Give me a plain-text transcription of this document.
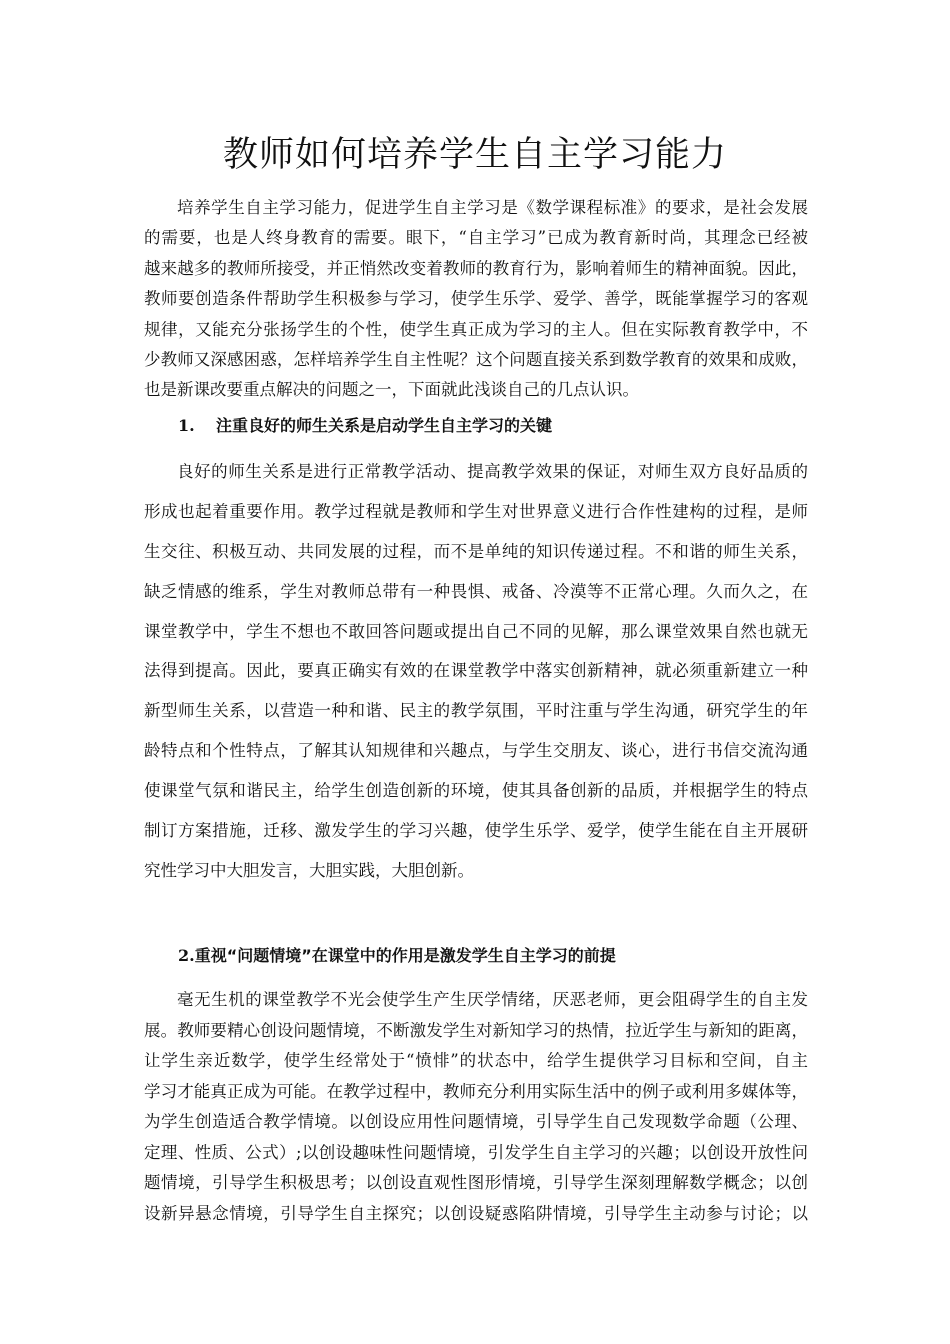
教师如何培养学生自主学习能力
培养学生自主学习能力，促进学生自主学习是《数学课程标准》的要求，是社会发展
的需要，也是人终身教育的需要。眼下，“自主学习”已成为教育新时尚，其理念已经被
越来越多的教师所接受，并正悄然改变着教师的教育行为，影响着师生的精神面貌。因此，
教师要创造条件帮助学生积极参与学习，使学生乐学、爱学、善学，既能掌握学习的客观
规律，又能充分张扬学生的个性，使学生真正成为学习的主人。但在实际教育教学中，不
少教师又深感困惑，怎样培养学生自主性呢？这个问题直接关系到数学教育的效果和成败，
也是新课改要重点解决的问题之一，下面就此浅谈自己的几点认识。
1. 注重良好的师生关系是启动学生自主学习的关键
良好的师生关系是进行正常教学活动、提高教学效果的保证，对师生双方良好品质的
形成也起着重要作用。教学过程就是教师和学生对世界意义进行合作性建构的过程，是师
生交往、积极互动、共同发展的过程，而不是单纯的知识传递过程。不和谐的师生关系，
缺乏情感的维系，学生对教师总带有一种畏惧、戒备、冷漠等不正常心理。久而久之，在
课堂教学中，学生不想也不敢回答问题或提出自己不同的见解，那么课堂效果自然也就无
法得到提高。因此，要真正确实有效的在课堂教学中落实创新精神，就必须重新建立一种
新型师生关系，以营造一种和谐、民主的教学氛围，平时注重与学生沟通，研究学生的年
龄特点和个性特点，了解其认知规律和兴趣点，与学生交朋友、谈心，进行书信交流沟通
使课堂气氛和谐民主，给学生创造创新的环境，使其具备创新的品质，并根据学生的特点
制订方案措施，迁移、激发学生的学习兴趣，使学生乐学、爱学，使学生能在自主开展研
究性学习中大胆发言，大胆实践，大胆创新。
2.重视“问题情境”在课堂中的作用是激发学生自主学习的前提
毫无生机的课堂教学不光会使学生产生厌学情绪，厌恶老师，更会阻碍学生的自主发
展。教师要精心创设问题情境，不断激发学生对新知学习的热情，拉近学生与新知的距离，
让学生亲近数学，使学生经常处于“愤悱”的状态中，给学生提供学习目标和空间，自主
学习才能真正成为可能。在教学过程中，教师充分利用实际生活中的例子或利用多媒体等，
为学生创造适合教学情境。以创设应用性问题情境，引导学生自己发现数学命题（公理、
定理、性质、公式）;以创设趣味性问题情境，引发学生自主学习的兴趣；以创设开放性问
题情境，引导学生积极思考；以创设直观性图形情境，引导学生深刻理解数学概念；以创
设新异悬念情境，引导学生自主探究；以创设疑惑陷阱情境，引导学生主动参与讨论；以
